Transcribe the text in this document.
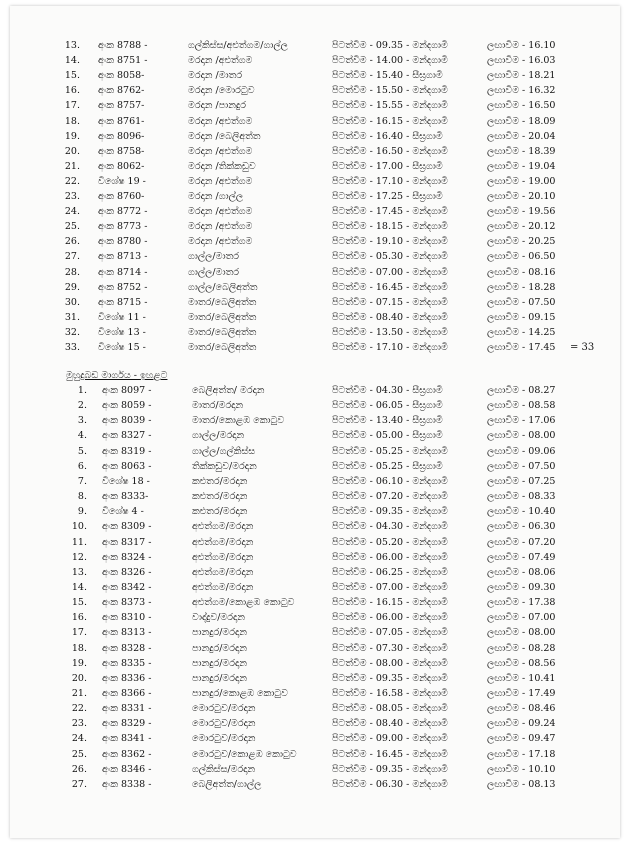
13. අංක 8788 -	ගල්කිස්ස/අළුත්ගම/ගාල්ල	පිටත්වීම - 09.35 - මන්දගාමී	ලඟාවීම - 16.10
14. අංක 8751 -	මරදාන /අළුත්ගම	පිටත්වීම - 14.00 - මන්දගාමී	ලඟාවීම - 16.03
15. අංක 8058-	මරදාන /මාතර	පිටත්වීම - 15.40 - සීඝ්‍රගාමී	ලඟාවීම - 18.21
16. අංක 8762-	මරදාන /මොරටුව	පිටත්වීම - 15.50 - මන්දගාමී	ලඟාවීම - 16.32
17. අංක 8757-	මරදාන /පානදුර	පිටත්වීම - 15.55 - මන්දගාමී	ලඟාවීම - 16.50
18. අංක 8761-	මරදාන /අළුත්ගම	පිටත්වීම - 16.15 - මන්දගාමී	ලඟාවීම - 18.09
19. අංක 8096-	මරදාන /බෙලිඅත්ත	පිටත්වීම - 16.40 - සීඝ්‍රගාමී	ලඟාවීම - 20.04
20. අංක 8758-	මරදාන /අළුත්ගම	පිටත්වීම - 16.50 - මන්දගාමී	ලඟාවීම - 18.39
21. අංක 8062-	මරදාන /තික්කඩුව	පිටත්වීම - 17.00 - සීඝ්‍රගාමී	ලඟාවීම - 19.04
22. විශේෂ 19 -	මරදාන /අළුත්ගම	පිටත්වීම - 17.10 - මන්දගාමී	ලඟාවීම - 19.00
23. අංක 8760-	මරදාන /ගාල්ල	පිටත්වීම - 17.25 - සීඝ්‍රගාමී	ලඟාවීම - 20.10
24. අංක 8772 -	මරදාන /අළුත්ගම	පිටත්වීම - 17.45 - මන්දගාමී	ලඟාවීම - 19.56
25. අංක 8773 -	මරදාන /අළුත්ගම	පිටත්වීම - 18.15 - මන්දගාමී	ලඟාවීම - 20.12
26. අංක 8780 -	මරදාන /අළුත්ගම	පිටත්වීම - 19.10 - මන්දගාමී	ලඟාවීම - 20.25
27. අංක 8713 -	ගාල්ල/මාතර	පිටත්වීම - 05.30 - මන්දගාමී	ලඟාවීම - 06.50
28. අංක 8714 -	ගාල්ල/මාතර	පිටත්වීම - 07.00 - මන්දගාමී	ලඟාවීම - 08.16
29. අංක 8752 -	ගාල්ල/බෙලිඅත්ත	පිටත්වීම - 16.45 - මන්දගාමී	ලඟාවීම - 18.28
30. අංක 8715 -	මාතර/බෙලිඅත්ත	පිටත්වීම - 07.15 - මන්දගාමී	ලඟාවීම - 07.50
31. විශේෂ 11 -	මාතර/බෙලිඅත්ත	පිටත්වීම - 08.40 - මන්දගාමී	ලඟාවීම - 09.15
32. විශේෂ 13 -	මාතර/බෙලිඅත්ත	පිටත්වීම - 13.50 - මන්දගාමී	ලඟාවීම - 14.25
33. විශේෂ 15 -	මාතර/බෙලිඅත්ත	පිටත්වීම - 17.10 - මන්දගාමී	ලඟාවීම - 17.45 = 33
මුහුදුබඩ මාර්ගය - ඉහළට
1. අංක 8097 -	බෙලිඅත්ත/ මරදාන	පිටත්වීම - 04.30 - සීඝ්‍රගාමී	ලඟාවීම - 08.27
2. අංක 8059 -	මාතර/මරදාන	පිටත්වීම - 06.05 - සීඝ්‍රගාමී	ලඟාවීම - 08.58
3. අංක 8039 -	මාතර/කොළඹ කොටුව	පිටත්වීම - 13.40 - සීඝ්‍රගාමී	ලඟාවීම - 17.06
4. අංක 8327 -	ගාල්ල/මරදාන	පිටත්වීම - 05.00 - සීඝ්‍රගාමී	ලඟාවීම - 08.00
5. අංක 8319 -	ගාල්ල/ගල්කිස්ස	පිටත්වීම - 05.25 - මන්දගාමී	ලඟාවීම - 09.06
6. අංක 8063 -	තික්කඩුව/මරදාන	පිටත්වීම - 05.25 - සීඝ්‍රගාමී	ලඟාවීම - 07.50
7. විශේෂ 18 -	කළුතර/මරදාන	පිටත්වීම - 06.10 - මන්දගාමී	ලඟාවීම - 07.25
8. අංක 8333-	කළුතර/මරදාන	පිටත්වීම - 07.20 - මන්දගාමී	ලඟාවීම - 08.33
9. විශේෂ 4 -	කළුතර/මරදාන	පිටත්වීම - 09.35 - මන්දගාමී	ලඟාවීම - 10.40
10. අංක 8309 -	අළුත්ගම/මරදාන	පිටත්වීම - 04.30 - මන්දගාමී	ලඟාවීම - 06.30
11. අංක 8317 -	අළුත්ගම/මරදාන	පිටත්වීම - 05.20 - මන්දගාමී	ලඟාවීම - 07.20
12. අංක 8324 -	අළුත්ගම/මරදාන	පිටත්වීම - 06.00 - මන්දගාමී	ලඟාවීම - 07.49
13. අංක 8326 -	අළුත්ගම/මරදාන	පිටත්වීම - 06.25 - මන්දගාමී	ලඟාවීම - 08.06
14. අංක 8342 -	අළුත්ගම/මරදාන	පිටත්වීම - 07.00 - මන්දගාමී	ලඟාවීම - 09.30
15. අංක 8373 -	අළුත්ගම/කොළඹ කොටුව	පිටත්වීම - 16.15 - මන්දගාමී	ලඟාවීම - 17.38
16. අංක 8310 -	වාද්දුව/මරදාන	පිටත්වීම - 06.00 - මන්දගාමී	ලඟාවීම - 07.00
17. අංක 8313 -	පානදුර/මරදාන	පිටත්වීම - 07.05 - මන්දගාමී	ලඟාවීම - 08.00
18. අංක 8328 -	පානදුර/මරදාන	පිටත්වීම - 07.30 - මන්දගාමී	ලඟාවීම - 08.28
19. අංක 8335 -	පානදුර/මරදාන	පිටත්වීම - 08.00 - මන්දගාමී	ලඟාවීම - 08.56
20. අංක 8336 -	පානදුර/මරදාන	පිටත්වීම - 09.35 - මන්දගාමී	ලඟාවීම - 10.41
21. අංක 8366 -	පානදුර/කොළඹ කොටුව	පිටත්වීම - 16.58 - මන්දගාමී	ලඟාවීම - 17.49
22. අංක 8331 -	මොරටුව/මරදාන	පිටත්වීම - 08.05 - මන්දගාමී	ලඟාවීම - 08.46
23. අංක 8329 -	මොරටුව/මරදාන	පිටත්වීම - 08.40 - මන්දගාමී	ලඟාවීම - 09.24
24. අංක 8341 -	මොරටුව/මරදාන	පිටත්වීම - 09.00 - මන්දගාමී	ලඟාවීම - 09.47
25. අංක 8362 -	මොරටුව/කොළඹ කොටුව	පිටත්වීම - 16.45 - මන්දගාමී	ලඟාවීම - 17.18
26. අංක 8346 -	ගල්කිස්ස/මරදාන	පිටත්වීම - 09.35 - මන්දගාමී	ලඟාවීම - 10.10
27. අංක 8338 -	බෙලිඅත්ත/ගාල්ල	පිටත්වීම - 06.30 - මන්දගාමී	ලඟාවීම - 08.13
